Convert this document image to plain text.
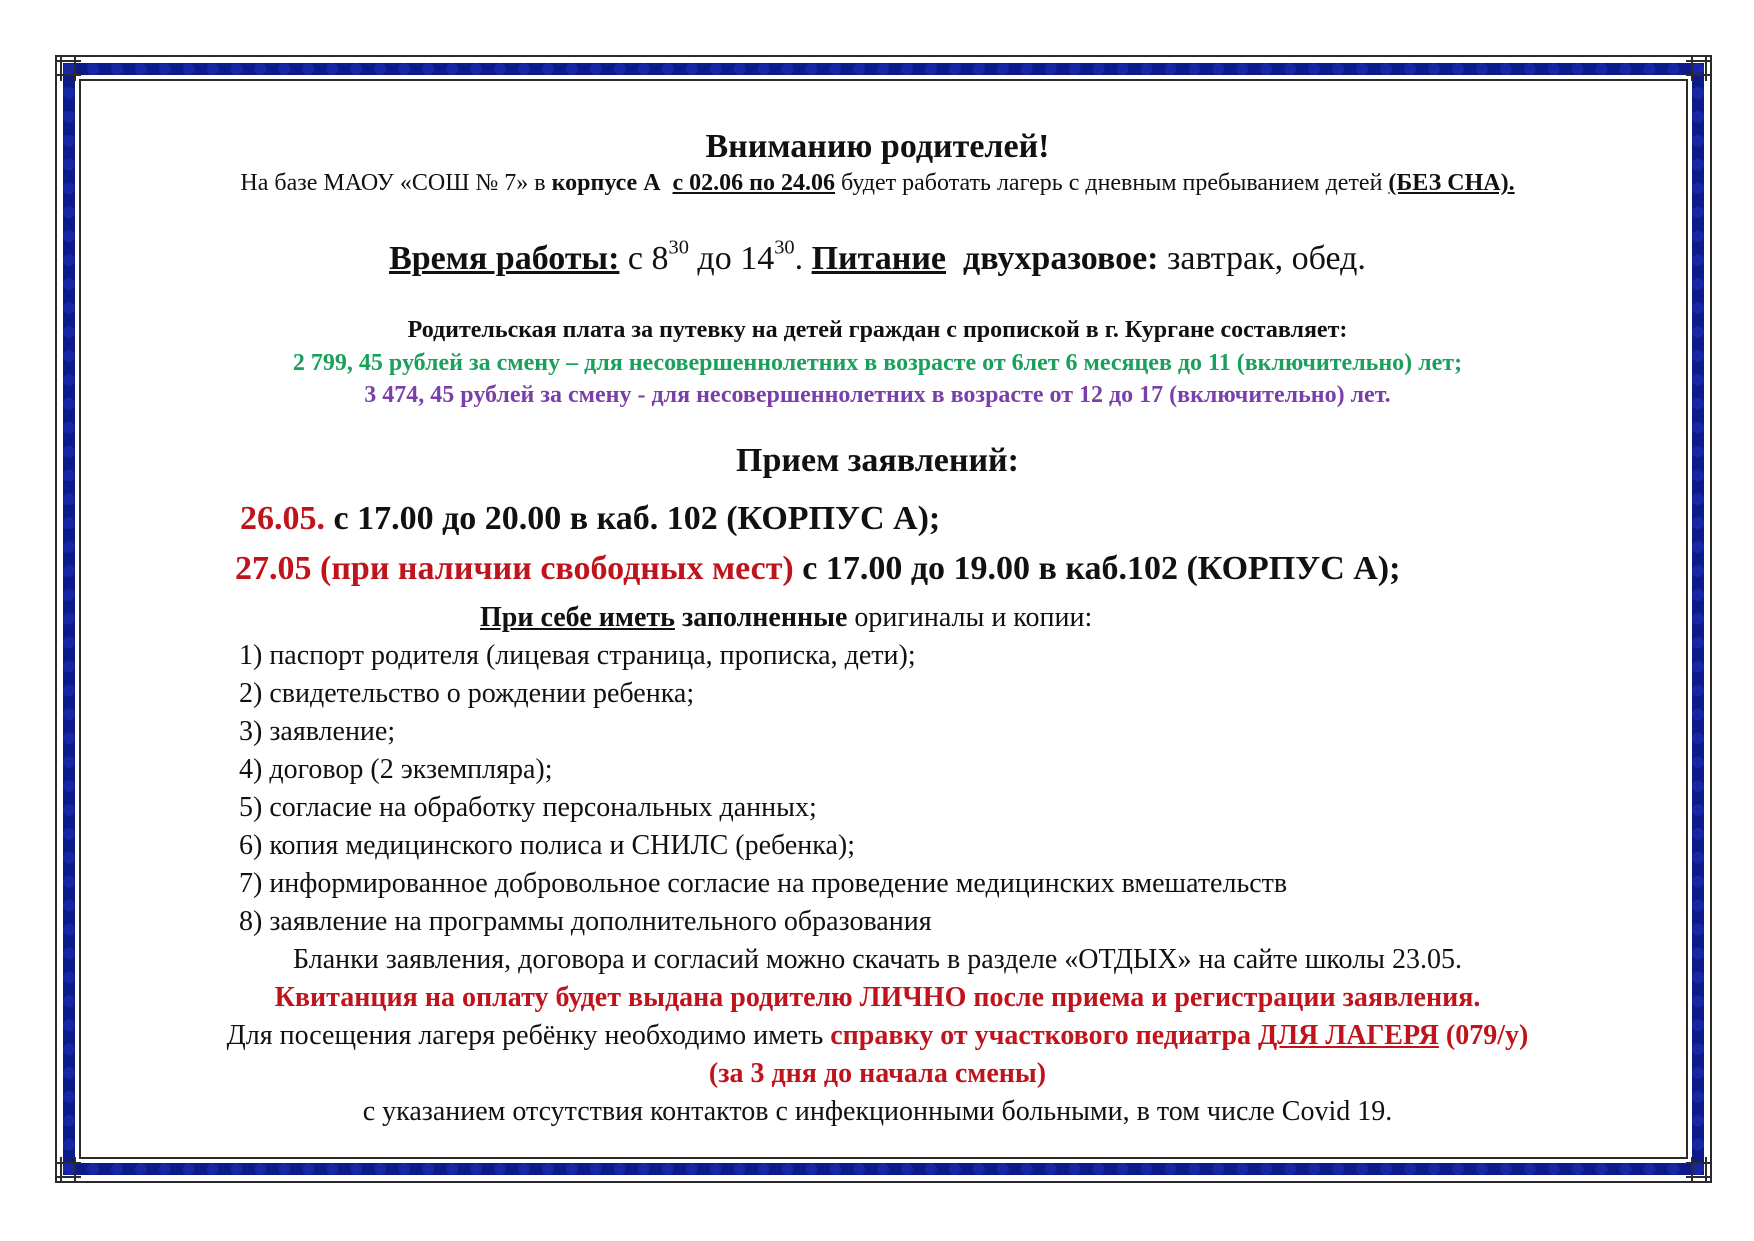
Вниманию родителей!
На базе МАОУ «СОШ № 7» в корпусе А с 02.06 по 24.06 будет работать лагерь с дневным пребыванием детей (БЕЗ СНА).
Время работы: с $8^{30}$ до $14^{30}$. Питание двухразовое: завтрак, обед.
Родительская плата за путевку на детей граждан с пропиской в г. Кургане составляет:
2 799, 45 рублей за смену – для несовершеннолетних в возрасте от 6лет 6 месяцев до 11 (включительно) лет;
3 474, 45 рублей за смену - для несовершеннолетних в возрасте от 12 до 17 (включительно) лет.
Прием заявлений:
26.05. с 17.00 до 20.00 в каб. 102 (КОРПУС А);
27.05 (при наличии свободных мест) с 17.00 до 19.00 в каб.102 (КОРПУС А);
При себе иметь заполненные оригиналы и копии:
1) паспорт родителя (лицевая страница, прописка, дети);
2) свидетельство о рождении ребенка;
3) заявление;
4) договор (2 экземпляра);
5) согласие на обработку персональных данных;
6) копия медицинского полиса и СНИЛС (ребенка);
7) информированное добровольное согласие на проведение медицинских вмешательств
8) заявление на программы дополнительного образования
Бланки заявления, договора и согласий можно скачать в разделе «ОТДЫХ» на сайте школы 23.05.
Квитанция на оплату будет выдана родителю ЛИЧНО после приема и регистрации заявления.
Для посещения лагеря ребёнку необходимо иметь справку от участкового педиатра ДЛЯ ЛАГЕРЯ (079/у)
(за 3 дня до начала смены)
с указанием отсутствия контактов с инфекционными больными, в том числе Covid 19.
